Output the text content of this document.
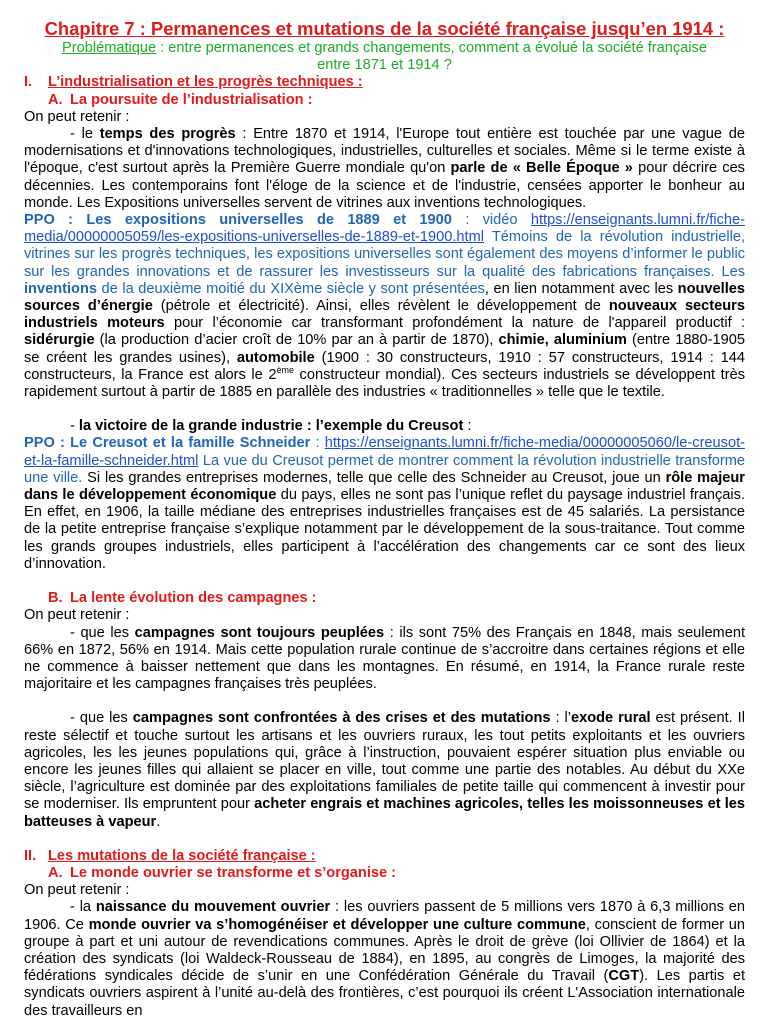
Chapitre 7 : Permanences et mutations de la société française jusqu’en 1914 :
Problématique : entre permanences et grands changements, comment a évolué la société française entre 1871 et 1914 ?
I.	L’industrialisation et les progrès techniques :
A. La poursuite de l’industrialisation :

On peut retenir :

- le temps des progrès : Entre 1870 et 1914, l'Europe tout entière est touchée par une vague de modernisations et d'innovations technologiques, industrielles, culturelles et sociales. Même si le terme existe à l'époque, c'est surtout après la Première Guerre mondiale qu'on parle de « Belle Époque » pour décrire ces décennies. Les contemporains font l'éloge de la science et de l'industrie, censées apporter le bonheur au monde. Les Expositions universelles servent de vitrines aux inventions technologiques.

PPO : Les expositions universelles de 1889 et 1900 : vidéo https://enseignants.lumni.fr/fiche-media/00000005059/les-expositions-universelles-de-1889-et-1900.html Témoins de la révolution industrielle, vitrines sur les progrès techniques, les expositions universelles sont également des moyens d’informer le public sur les grandes innovations et de rassurer les investisseurs sur la qualité des fabrications françaises. Les inventions de la deuxième moitié du XIXème siècle y sont présentées, en lien notamment avec les nouvelles sources d’énergie (pétrole et électricité). Ainsi, elles révèlent le développement de nouveaux secteurs industriels moteurs pour l’économie car transformant profondément la nature de l'appareil productif : sidérurgie (la production d’acier croît de 10% par an à partir de 1870), chimie, aluminium (entre 1880-1905 se créent les grandes usines), automobile (1900 : 30 constructeurs, 1910 : 57 constructeurs, 1914 : 144 constructeurs, la France est alors le 2ème constructeur mondial). Ces secteurs industriels se développent très rapidement surtout à partir de 1885 en parallèle des industries « traditionnelles » telle que le textile.

- la victoire de la grande industrie : l’exemple du Creusot :

PPO : Le Creusot et la famille Schneider : https://enseignants.lumni.fr/fiche-media/00000005060/le-creusot-et-la-famille-schneider.html La vue du Creusot permet de montrer comment la révolution industrielle transforme une ville. Si les grandes entreprises modernes, telle que celle des Schneider au Creusot, joue un rôle majeur dans le développement économique du pays, elles ne sont pas l’unique reflet du paysage industriel français. En effet, en 1906, la taille médiane des entreprises industrielles françaises est de 45 salariés. La persistance de la petite entreprise française s’explique notamment par le développement de la sous-traitance. Tout comme les grands groupes industriels, elles participent à l’accélération des changements car ce sont des lieux d’innovation.

B. La lente évolution des campagnes :

On peut retenir :

- que les campagnes sont toujours peuplées : ils sont 75% des Français en 1848, mais seulement 66% en 1872, 56% en 1914. Mais cette population rurale continue de s’accroitre dans certaines régions et elle ne commence à baisser nettement que dans les montagnes. En résumé, en 1914, la France rurale reste majoritaire et les campagnes françaises très peuplées.

- que les campagnes sont confrontées à des crises et des mutations : l’exode rural est présent. Il reste sélectif et touche surtout les artisans et les ouvriers ruraux, les tout petits exploitants et les ouvriers agricoles, les les jeunes populations qui, grâce à l’instruction, pouvaient espérer situation plus enviable ou encore les jeunes filles qui allaient se placer en ville, tout comme une partie des notables. Au début du XXe siècle, l’agriculture est dominée par des exploitations familiales de petite taille qui commencent à investir pour se moderniser. Ils empruntent pour acheter engrais et machines agricoles, telles les moissonneuses et les batteuses à vapeur.

II. Les mutations de la société française :
A. Le monde ouvrier se transforme et s’organise :

On peut retenir :

- la naissance du mouvement ouvrier : les ouvriers passent de 5 millions vers 1870 à 6,3 millions en 1906. Ce monde ouvrier va s’homogénéiser et développer une culture commune, conscient de former un groupe à part et uni autour de revendications communes. Après le droit de grève (loi Ollivier de 1864) et la création des syndicats (loi Waldeck-Rousseau de 1884), en 1895, au congrès de Limoges, la majorité des fédérations syndicales décide de s’unir en une Confédération Générale du Travail (CGT). Les partis et syndicats ouvriers aspirent à l’unité au-delà des frontières, c’est pourquoi ils créent L'Association internationale des travailleurs en
